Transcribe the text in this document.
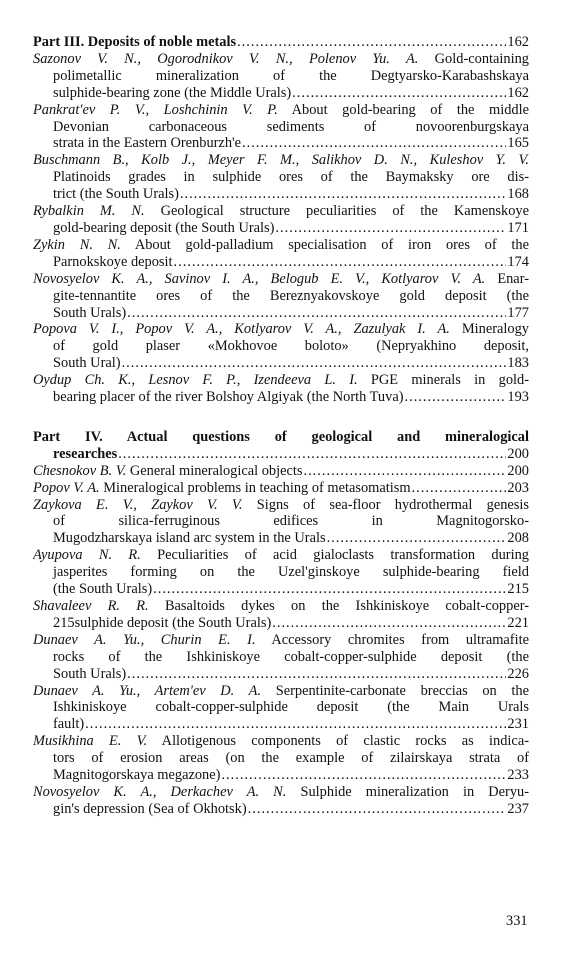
Part III. Deposits of noble metals .....	162
Sazonov V. N., Ogorodnikov V. N., Polenov Yu. A. Gold-containing
polimetallic mineralization of the Degtyarsko-Karabashskaya
sulphide-bearing zone (the Middle Urals) .....	162
Pankrat'ev P. V., Loshchinin V. P. About gold-bearing of the middle
Devonian carbonaceous sediments of novoorenburgskaya
strata in the Eastern Orenburzh'e .....	165
Buschmann B., Kolb J., Meyer F. M., Salikhov D. N., Kuleshov Y. V.
Platinoids grades in sulphide ores of the Baymaksky ore dis-
trict (the South Urals) .....	168
Rybalkin M. N. Geological structure peculiarities of the Kamenskoye
gold-bearing deposit (the South Urals) .....	171
Zykin N. N. About gold-palladium specialisation of iron ores of the
Parnokskoye deposit .....	174
Novosyelov K. A., Savinov I. A., Belogub E. V., Kotlyarov V. A. Enar-
gite-tennantite ores of the Bereznyakovskoye gold deposit (the
South Urals) .....	177
Popova V. I., Popov V. A., Kotlyarov V. A., Zazulyak I. A. Mineralogy
of gold plaser «Mokhovoe boloto» (Nepryakhino deposit,
South Ural) .....	183
Oydup Ch. K., Lesnov F. P., Izendeeva L. I. PGE minerals in gold-
bearing placer of the river Bolshoy Algiyak (the North Tuva) .....	193
Part IV. Actual questions of geological and mineralogical
researches .....	200
Chesnokov B. V. General mineralogical objects .....	200
Popov V. A. Mineralogical problems in teaching of metasomatism .....	203
Zaykova E. V., Zaykov V. V. Signs of sea-floor hydrothermal genesis
of silica-ferruginous edifices in Magnitogorsko-
Mugodzharskaya island arc system in the Urals .....	208
Ayupova N. R. Peculiarities of acid gialoclasts transformation during
jasperites forming on the Uzel'ginskoye sulphide-bearing field
(the South Urals) .....	215
Shavaleev R. R. Basaltoids dykes on the Ishkiniskoye cobalt-copper-
215sulphide deposit (the South Urals) .....	221
Dunaev A. Yu., Churin E. I. Accessory chromites from ultramafite
rocks of the Ishkiniskoye cobalt-copper-sulphide deposit (the
South Urals) .....	226
Dunaev A. Yu., Artem'ev D. A. Serpentinite-carbonate breccias on the
Ishkiniskoye cobalt-copper-sulphide deposit (the Main Urals
fault) .....	231
Musikhina E. V. Allotigenous components of clastic rocks as indica-
tors of erosion areas (on the example of zilairskaya strata of
Magnitogorskaya megazone) .....	233
Novosyelov K. A., Derkachev A. N. Sulphide mineralization in Deryu-
gin's depression (Sea of Okhotsk) .....	237
331
